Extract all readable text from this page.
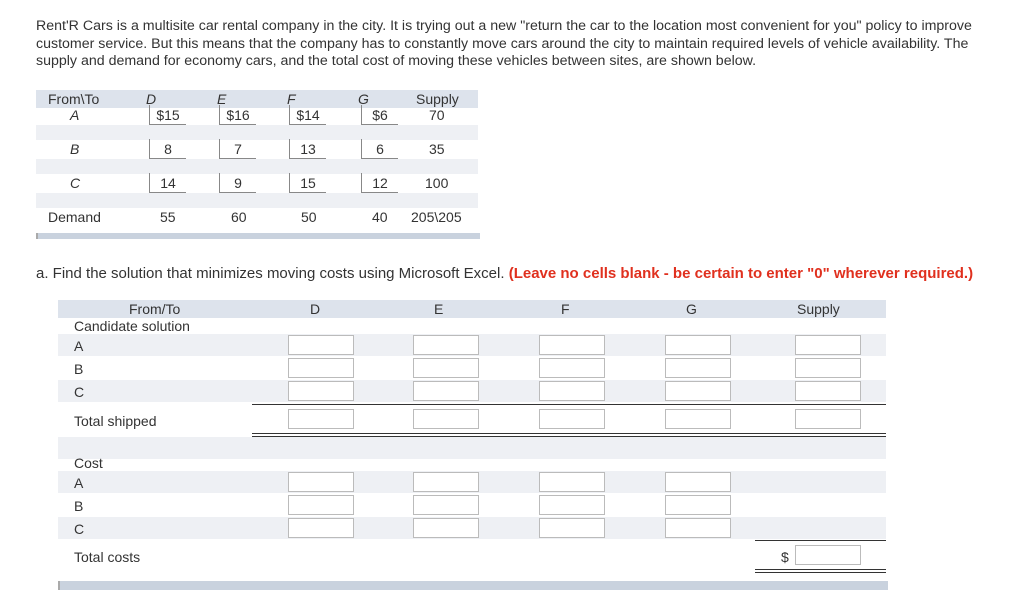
Rent'R Cars is a multisite car rental company in the city. It is trying out a new "return the car to the location most convenient for you" policy to improve customer service. But this means that the company has to constantly move cars around the city to maintain required levels of vehicle availability. The supply and demand for economy cars, and the total cost of moving these vehicles between sites, are shown below.

From\To	D	E	F	G	Supply
A	$15	$16	$14	$6	70
B	8	7	13	6	35
C	14	9	15	12	100
Demand	55	60	50	40 205\205
a. Find the solution that minimizes moving costs using Microsoft Excel. (Leave no cells blank - be certain to enter "0" wherever required.)
From/To	D	E	F	G	Supply
Candidate solution
A
B
C
Total shipped
Cost
A
B
C
Total costs	$
